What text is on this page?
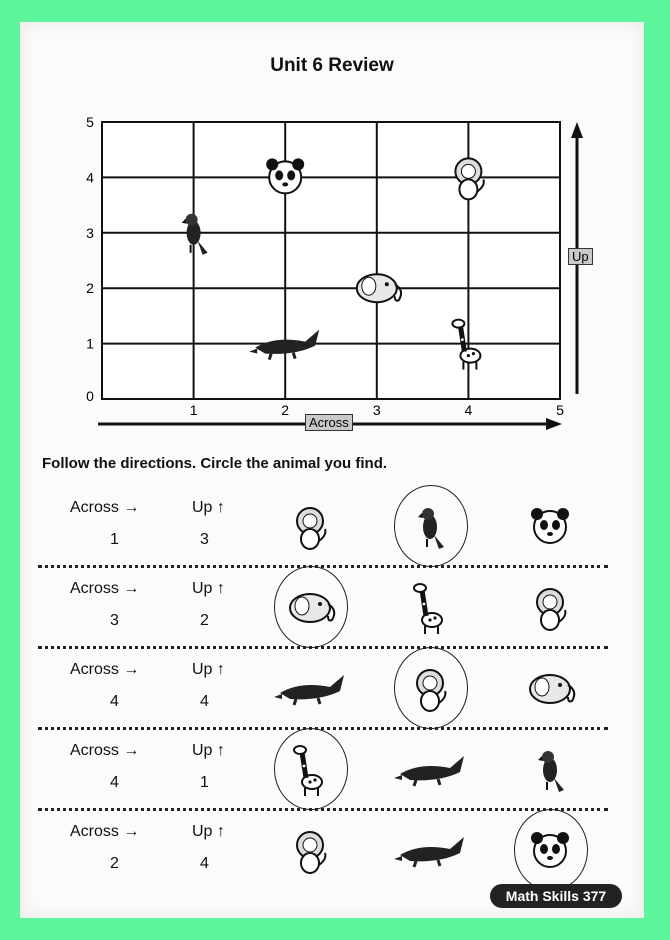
Unit 6 Review
0
1	2	3	4	5
1
2
3
4
5
Across
Up
Follow the directions. Circle the animal you find.
Across →	Up ↑
1	3
Across →	Up ↑
3	2
Across →	Up ↑
4	4
Across →	Up ↑
4	1
Across →	Up ↑
2	4
Math Skills 377
